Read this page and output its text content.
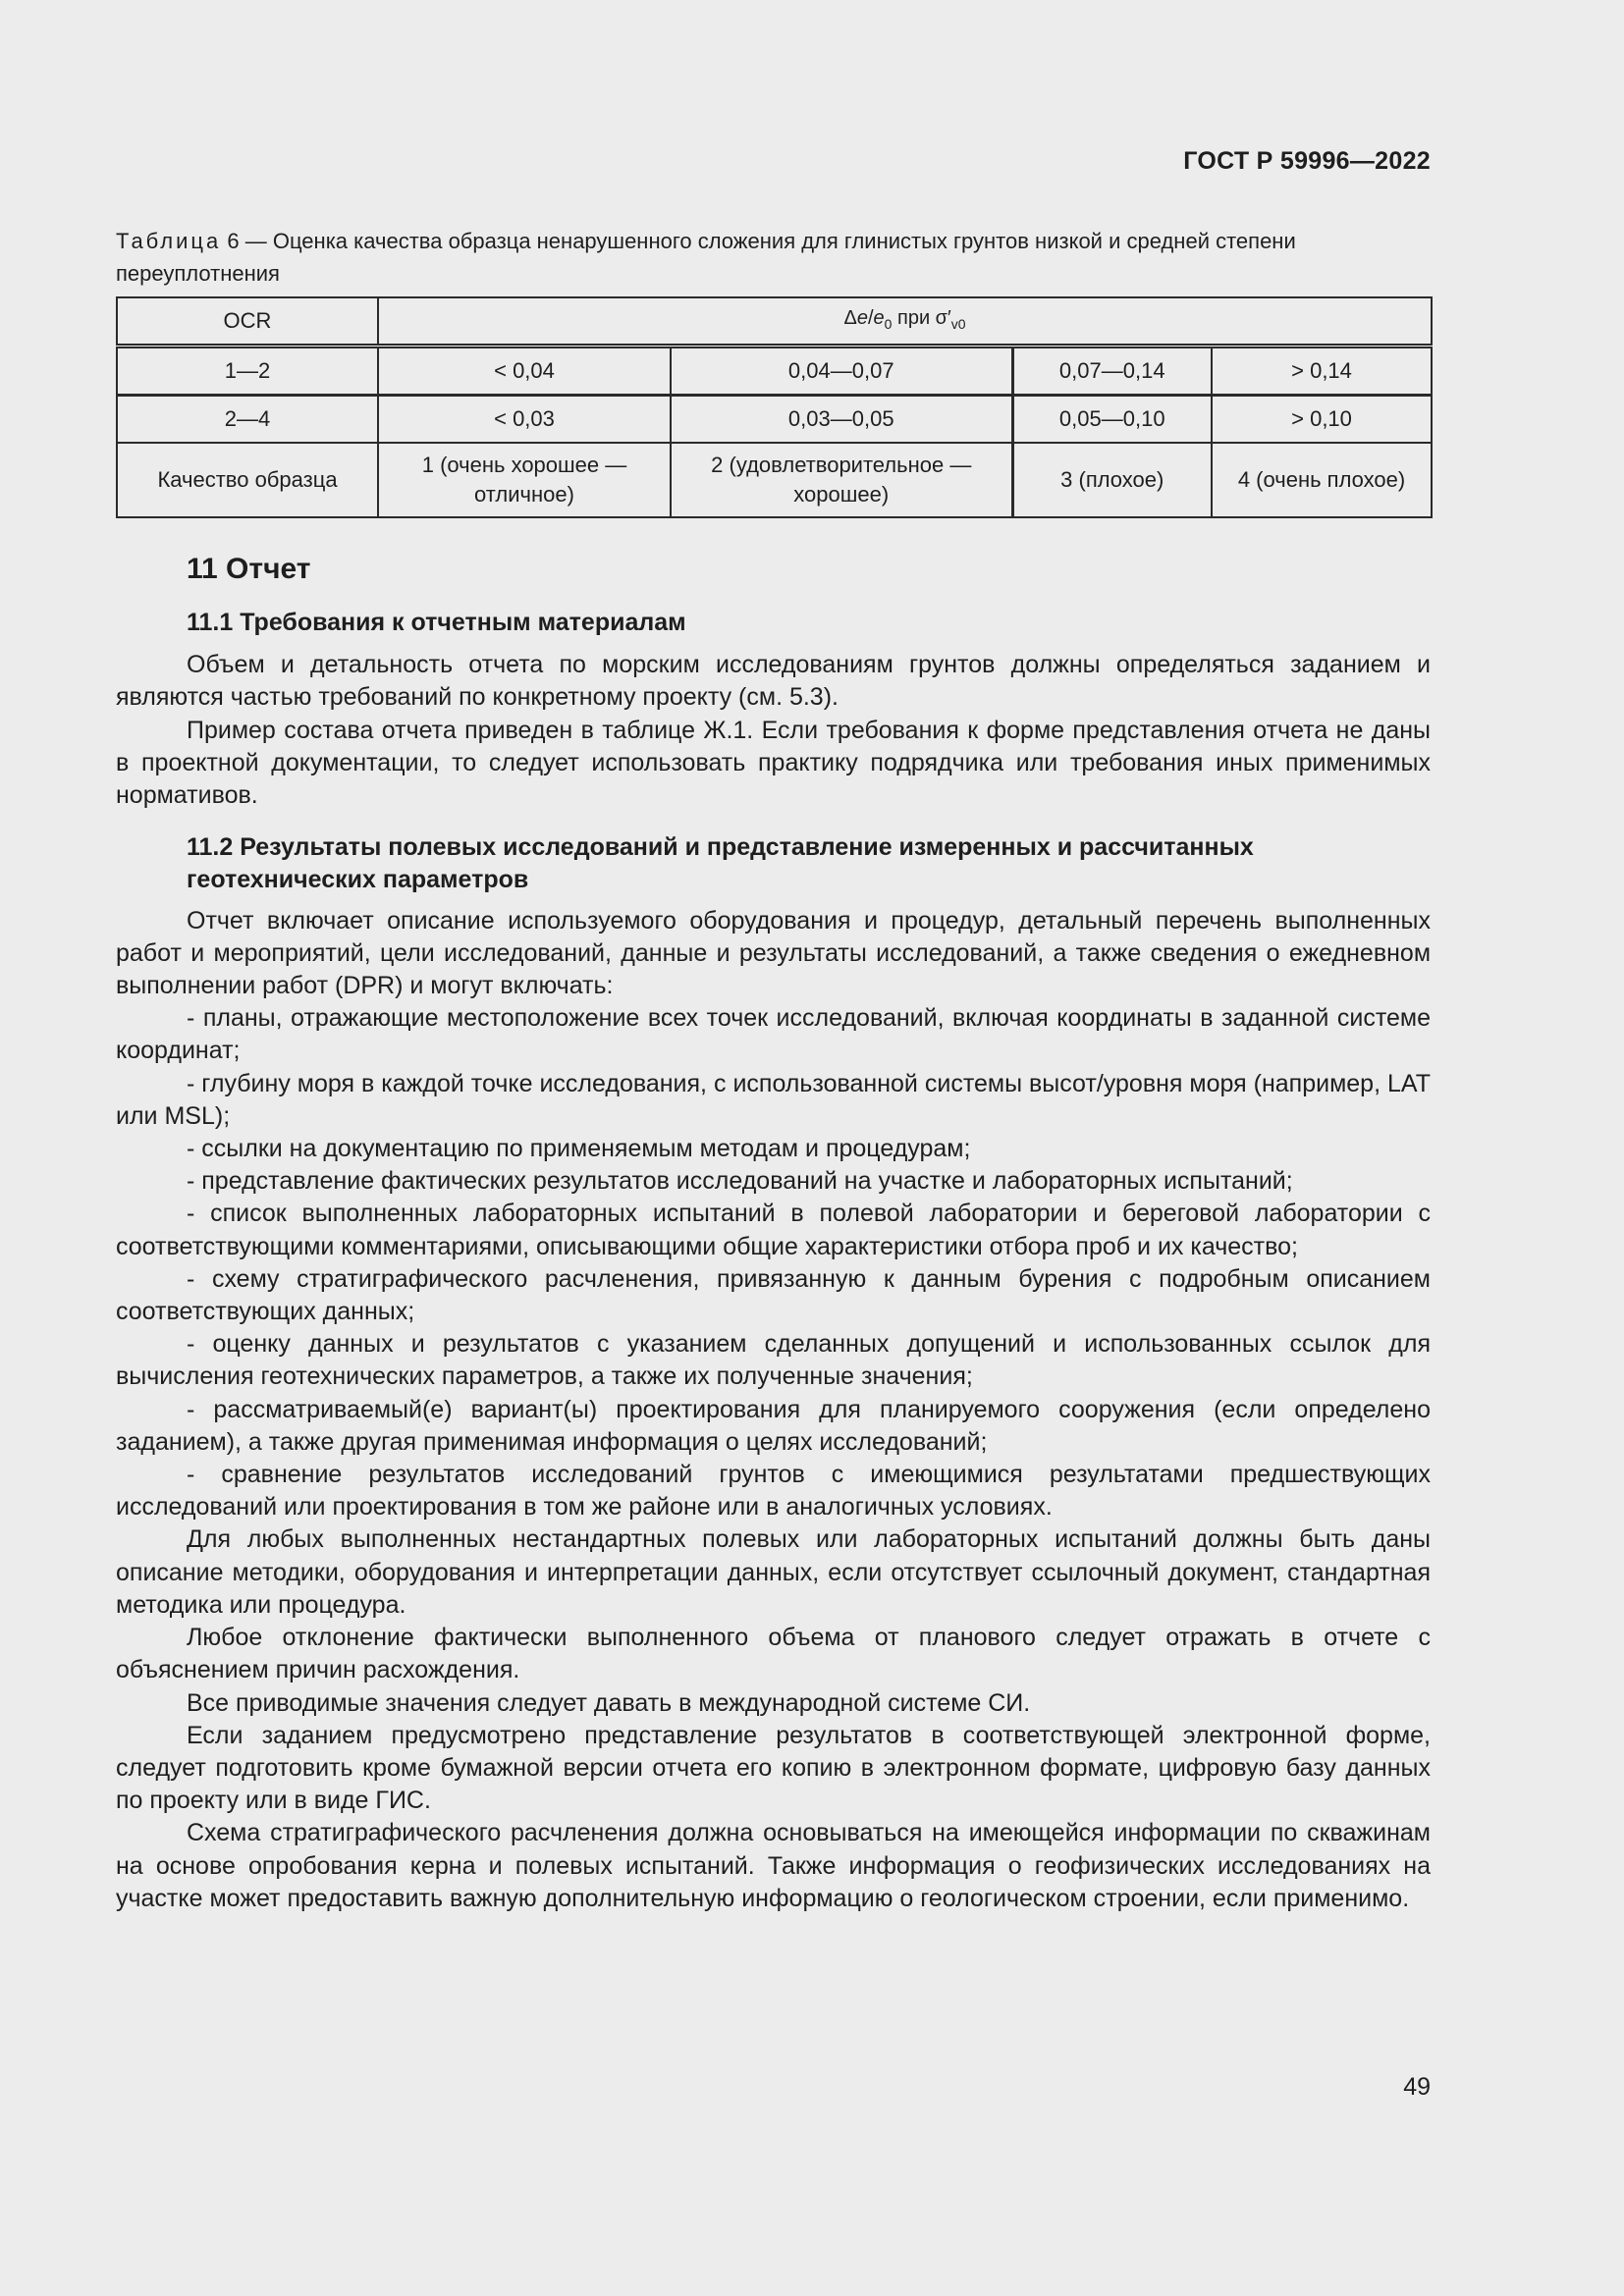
ГОСТ Р 59996—2022
Таблица 6 — Оценка качества образца ненарушенного сложения для глинистых грунтов низкой и средней степени переуплотнения
OCR	$\Delta e/e_0$ при $\sigma'_{v0}$
1—2	< 0,04	0,04—0,07	0,07—0,14	> 0,14
2—4	< 0,03	0,03—0,05	0,05—0,10	> 0,10
Качество образца	1 (очень хорошее — отличное)	2 (удовлетворительное — хорошее)	3 (плохое)	4 (очень плохое)
11 Отчет
11.1 Требования к отчетным материалам

Объем и детальность отчета по морским исследованиям грунтов должны определяться заданием и являются частью требований по конкретному проекту (см. 5.3).

Пример состава отчета приведен в таблице Ж.1. Если требования к форме представления отчета не даны в проектной документации, то следует использовать практику подрядчика или требования иных применимых нормативов.

11.2 Результаты полевых исследований и представление измеренных и рассчитанных геотехнических параметров

Отчет включает описание используемого оборудования и процедур, детальный перечень выполненных работ и мероприятий, цели исследований, данные и результаты исследований, а также сведения о ежедневном выполнении работ (DPR) и могут включать:

- планы, отражающие местоположение всех точек исследований, включая координаты в заданной системе координат;

- глубину моря в каждой точке исследования, с использованной системы высот/уровня моря (например, LAT или MSL);

- ссылки на документацию по применяемым методам и процедурам;

- представление фактических результатов исследований на участке и лабораторных испытаний;

- список выполненных лабораторных испытаний в полевой лаборатории и береговой лаборатории с соответствующими комментариями, описывающими общие характеристики отбора проб и их качество;

- схему стратиграфического расчленения, привязанную к данным бурения с подробным описанием соответствующих данных;

- оценку данных и результатов с указанием сделанных допущений и использованных ссылок для вычисления геотехнических параметров, а также их полученные значения;

- рассматриваемый(е) вариант(ы) проектирования для планируемого сооружения (если определено заданием), а также другая применимая информация о целях исследований;

- сравнение результатов исследований грунтов с имеющимися результатами предшествующих исследований или проектирования в том же районе или в аналогичных условиях.

Для любых выполненных нестандартных полевых или лабораторных испытаний должны быть даны описание методики, оборудования и интерпретации данных, если отсутствует ссылочный документ, стандартная методика или процедура.

Любое отклонение фактически выполненного объема от планового следует отражать в отчете с объяснением причин расхождения.

Все приводимые значения следует давать в международной системе СИ.

Если заданием предусмотрено представление результатов в соответствующей электронной форме, следует подготовить кроме бумажной версии отчета его копию в электронном формате, цифровую базу данных по проекту или в виде ГИС.

Схема стратиграфического расчленения должна основываться на имеющейся информации по скважинам на основе опробования керна и полевых испытаний. Также информация о геофизических исследованиях на участке может предоставить важную дополнительную информацию о геологическом строении, если применимо.

49
